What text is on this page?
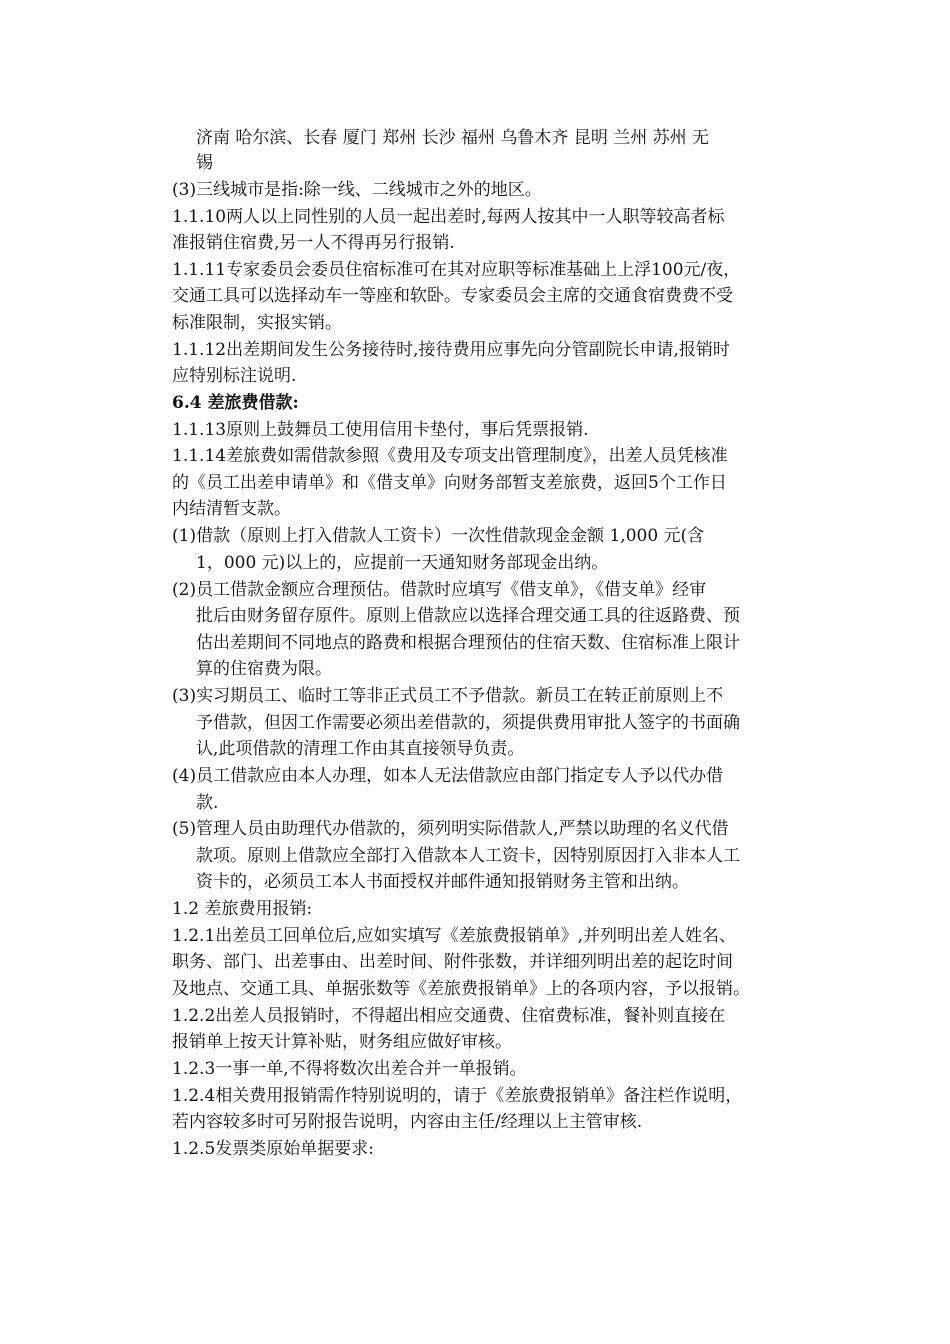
济南 哈尔滨、长春 厦门 郑州 长沙 福州 乌鲁木齐 昆明 兰州 苏州 无

锡

(3)三线城市是指:除一线、二线城市之外的地区。

1.1.10两人以上同性别的人员一起出差时,每两人按其中一人职等较高者标

准报销住宿费,另一人不得再另行报销.

1.1.11专家委员会委员住宿标准可在其对应职等标准基础上上浮100元/夜，

交通工具可以选择动车一等座和软卧。专家委员会主席的交通食宿费费不受

标准限制，实报实销。

1.1.12出差期间发生公务接待时,接待费用应事先向分管副院长申请,报销时

应特别标注说明.

6.4 差旅费借款:

1.1.13原则上鼓舞员工使用信用卡垫付，事后凭票报销.

1.1.14差旅费如需借款参照《费用及专项支出管理制度》，出差人员凭核准

的《员工出差申请单》和《借支单》向财务部暂支差旅费，返回5个工作日

内结清暂支款。

(1)借款（原则上打入借款人工资卡）一次性借款现金金额 1,000 元(含

1，000 元)以上的，应提前一天通知财务部现金出纳。

(2)员工借款金额应合理预估。借款时应填写《借支单》，《借支单》经审

批后由财务留存原件。原则上借款应以选择合理交通工具的往返路费、预

估出差期间不同地点的路费和根据合理预估的住宿天数、住宿标准上限计

算的住宿费为限。

(3)实习期员工、临时工等非正式员工不予借款。新员工在转正前原则上不

予借款，但因工作需要必须出差借款的，须提供费用审批人签字的书面确

认,此项借款的清理工作由其直接领导负责。

(4)员工借款应由本人办理，如本人无法借款应由部门指定专人予以代办借

款.

(5)管理人员由助理代办借款的，须列明实际借款人,严禁以助理的名义代借

款项。原则上借款应全部打入借款本人工资卡，因特别原因打入非本人工

资卡的，必须员工本人书面授权并邮件通知报销财务主管和出纳。

1.2 差旅费用报销:

1.2.1出差员工回单位后,应如实填写《差旅费报销单》,并列明出差人姓名、

职务、部门、出差事由、出差时间、附件张数，并详细列明出差的起讫时间

及地点、交通工具、单据张数等《差旅费报销单》上的各项内容，予以报销。

1.2.2出差人员报销时，不得超出相应交通费、住宿费标准，餐补则直接在

报销单上按天计算补贴，财务组应做好审核。

1.2.3一事一单,不得将数次出差合并一单报销。

1.2.4相关费用报销需作特别说明的，请于《差旅费报销单》备注栏作说明，

若内容较多时可另附报告说明，内容由主任/经理以上主管审核.

1.2.5发票类原始单据要求:
